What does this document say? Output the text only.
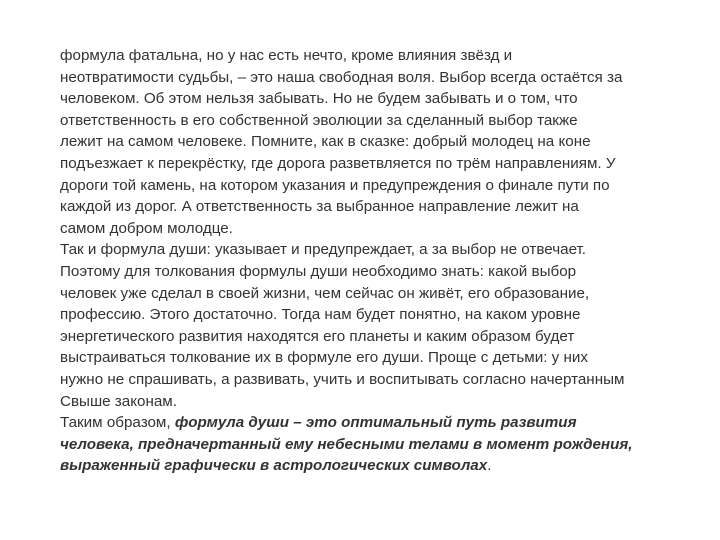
формула фатальна, но у нас есть нечто, кроме влияния звёзд и
неотвратимости судьбы, – это наша свободная воля. Выбор всегда остаётся за
человеком. Об этом нельзя забывать. Но не будем забывать и о том, что
ответственность в его собственной эволюции за сделанный выбор также
лежит на самом человеке. Помните, как в сказке: добрый молодец на коне
подъезжает к перекрёстку, где дорога разветвляется по трём направлениям. У
дороги той камень, на котором указания и предупреждения о финале пути по
каждой из дорог. А ответственность за выбранное направление лежит на
самом добром молодце.
Так и формула души: указывает и предупреждает, а за выбор не отвечает.
Поэтому для толкования формулы души необходимо знать: какой выбор
человек уже сделал в своей жизни, чем сейчас он живёт, его образование,
профессию. Этого достаточно. Тогда нам будет понятно, на каком уровне
энергетического развития находятся его планеты и каким образом будет
выстраиваться толкование их в формуле его души. Проще с детьми: у них
нужно не спрашивать, а развивать, учить и воспитывать согласно начертанным
Свыше законам.
Таким образом, формула души – это оптимальный путь развития
человека, предначертанный ему небесными телами в момент рождения,
выраженный графически в астрологических символах.
